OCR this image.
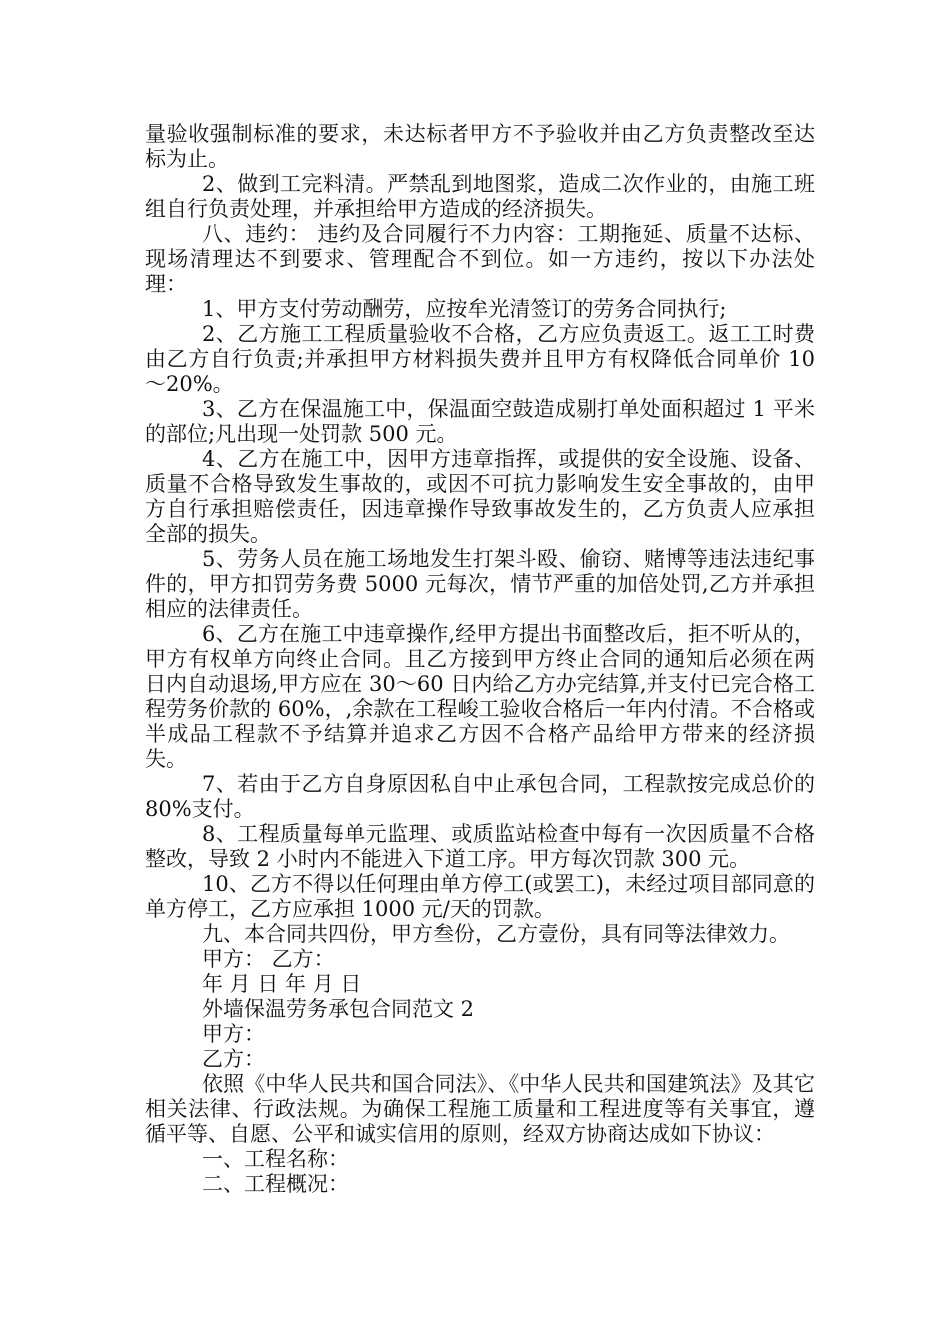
量验收强制标准的要求，未达标者甲方不予验收并由乙方负责整改至达标为止。

2、做到工完料清。严禁乱到地图浆，造成二次作业的，由施工班组自行负责处理，并承担给甲方造成的经济损失。

八、违约： 违约及合同履行不力内容：工期拖延、质量不达标、现场清理达不到要求、管理配合不到位。如一方违约，按以下办法处理：

1、甲方支付劳动酬劳，应按牟光清签订的劳务合同执行;

2、乙方施工工程质量验收不合格，乙方应负责返工。返工工时费由乙方自行负责;并承担甲方材料损失费并且甲方有权降低合同单价 10～20%。

3、乙方在保温施工中，保温面空鼓造成剔打单处面积超过 1 平米的部位;凡出现一处罚款 500 元。

4、乙方在施工中，因甲方违章指挥，或提供的安全设施、设备、质量不合格导致发生事故的，或因不可抗力影响发生安全事故的，由甲方自行承担赔偿责任，因违章操作导致事故发生的，乙方负责人应承担全部的损失。

5、劳务人员在施工场地发生打架斗殴、偷窃、赌博等违法违纪事件的，甲方扣罚劳务费 5000 元每次，情节严重的加倍处罚,乙方并承担相应的法律责任。

6、乙方在施工中违章操作,经甲方提出书面整改后，拒不听从的， 甲方有权单方向终止合同。且乙方接到甲方终止合同的通知后必须在两日内自动退场,甲方应在 30～60 日内给乙方办完结算,并支付已完合格工程劳务价款的 60%，,余款在工程峻工验收合格后一年内付清。不合格或半成品工程款不予结算并追求乙方因不合格产品给甲方带来的经济损失。

7、若由于乙方自身原因私自中止承包合同，工程款按完成总价的 80%支付。

8、工程质量每单元监理、或质监站检查中每有一次因质量不合格整改，导致 2 小时内不能进入下道工序。甲方每次罚款 300 元。

10、乙方不得以任何理由单方停工(或罢工)，未经过项目部同意的单方停工，乙方应承担 1000 元/天的罚款。

九、本合同共四份，甲方叁份，乙方壹份，具有同等法律效力。

甲方： 乙方：

年 月 日 年 月 日

外墙保温劳务承包合同范文 2

甲方：

乙方：

依照《中华人民共和国合同法》、《中华人民共和国建筑法》及其它相关法律、行政法规。为确保工程施工质量和工程进度等有关事宜，遵循平等、自愿、公平和诚实信用的原则，经双方协商达成如下协议：

一、工程名称：

二、工程概况：
